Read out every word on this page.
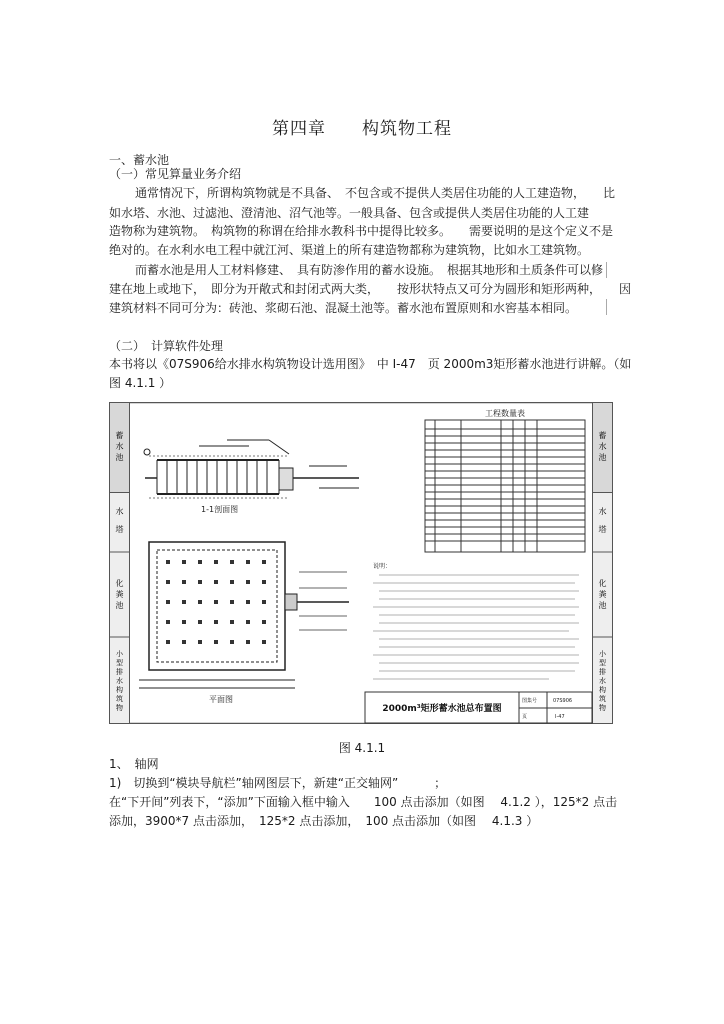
第四章　　构筑物工程
一、蓄水池
（一）常见算量业务介绍
通常情况下，所谓构筑物就是不具备、　不包含或不提供人类居住功能的人工建造物，　　比
如水塔、水池、过滤池、澄清池、沼气池等。一般具备、包含或提供人类居住功能的人工建
造物称为建筑物。　构筑物的称谓在给排水教科书中提得比较多。　　需要说明的是这个定义不是
绝对的。在水利水电工程中就江河、渠道上的所有建造物都称为建筑物，比如水工建筑物。
而蓄水池是用人工材料修建、　具有防渗作用的蓄水设施。　根据其地形和土质条件可以修
建在地上或地下，　即分为开敞式和封闭式两大类，　　按形状特点又可分为圆形和矩形两种，　　因
建筑材料不同可分为：砖池、浆砌石池、混凝土池等。蓄水池布置原则和水窖基本相同。
（二）　计算软件处理
本书将以《07S906给水排水构筑物设计选用图》　中 I-47　页 2000m3矩形蓄水池进行讲解。（如
图 4.1.1 ）
蓄水池
水塔
化粪池
小型排水构筑物
蓄水池
水塔
化粪池
小型排水构筑物
1-1剖面图
平面图
工程数量表
说明：
2000m³矩形蓄水池总布置图
图集号	07S906
页	I-47
图 4.1.1
1、　轴网
1)　切换到“模块导航栏”轴网图层下，新建“正交轴网”　　　；
在“下开间”列表下，“添加”下面输入框中输入　　100 点击添加（如图　 4.1.2 ），125*2 点击
添加，3900*7 点击添加，　125*2 点击添加，　100 点击添加（如图　 4.1.3 ）
